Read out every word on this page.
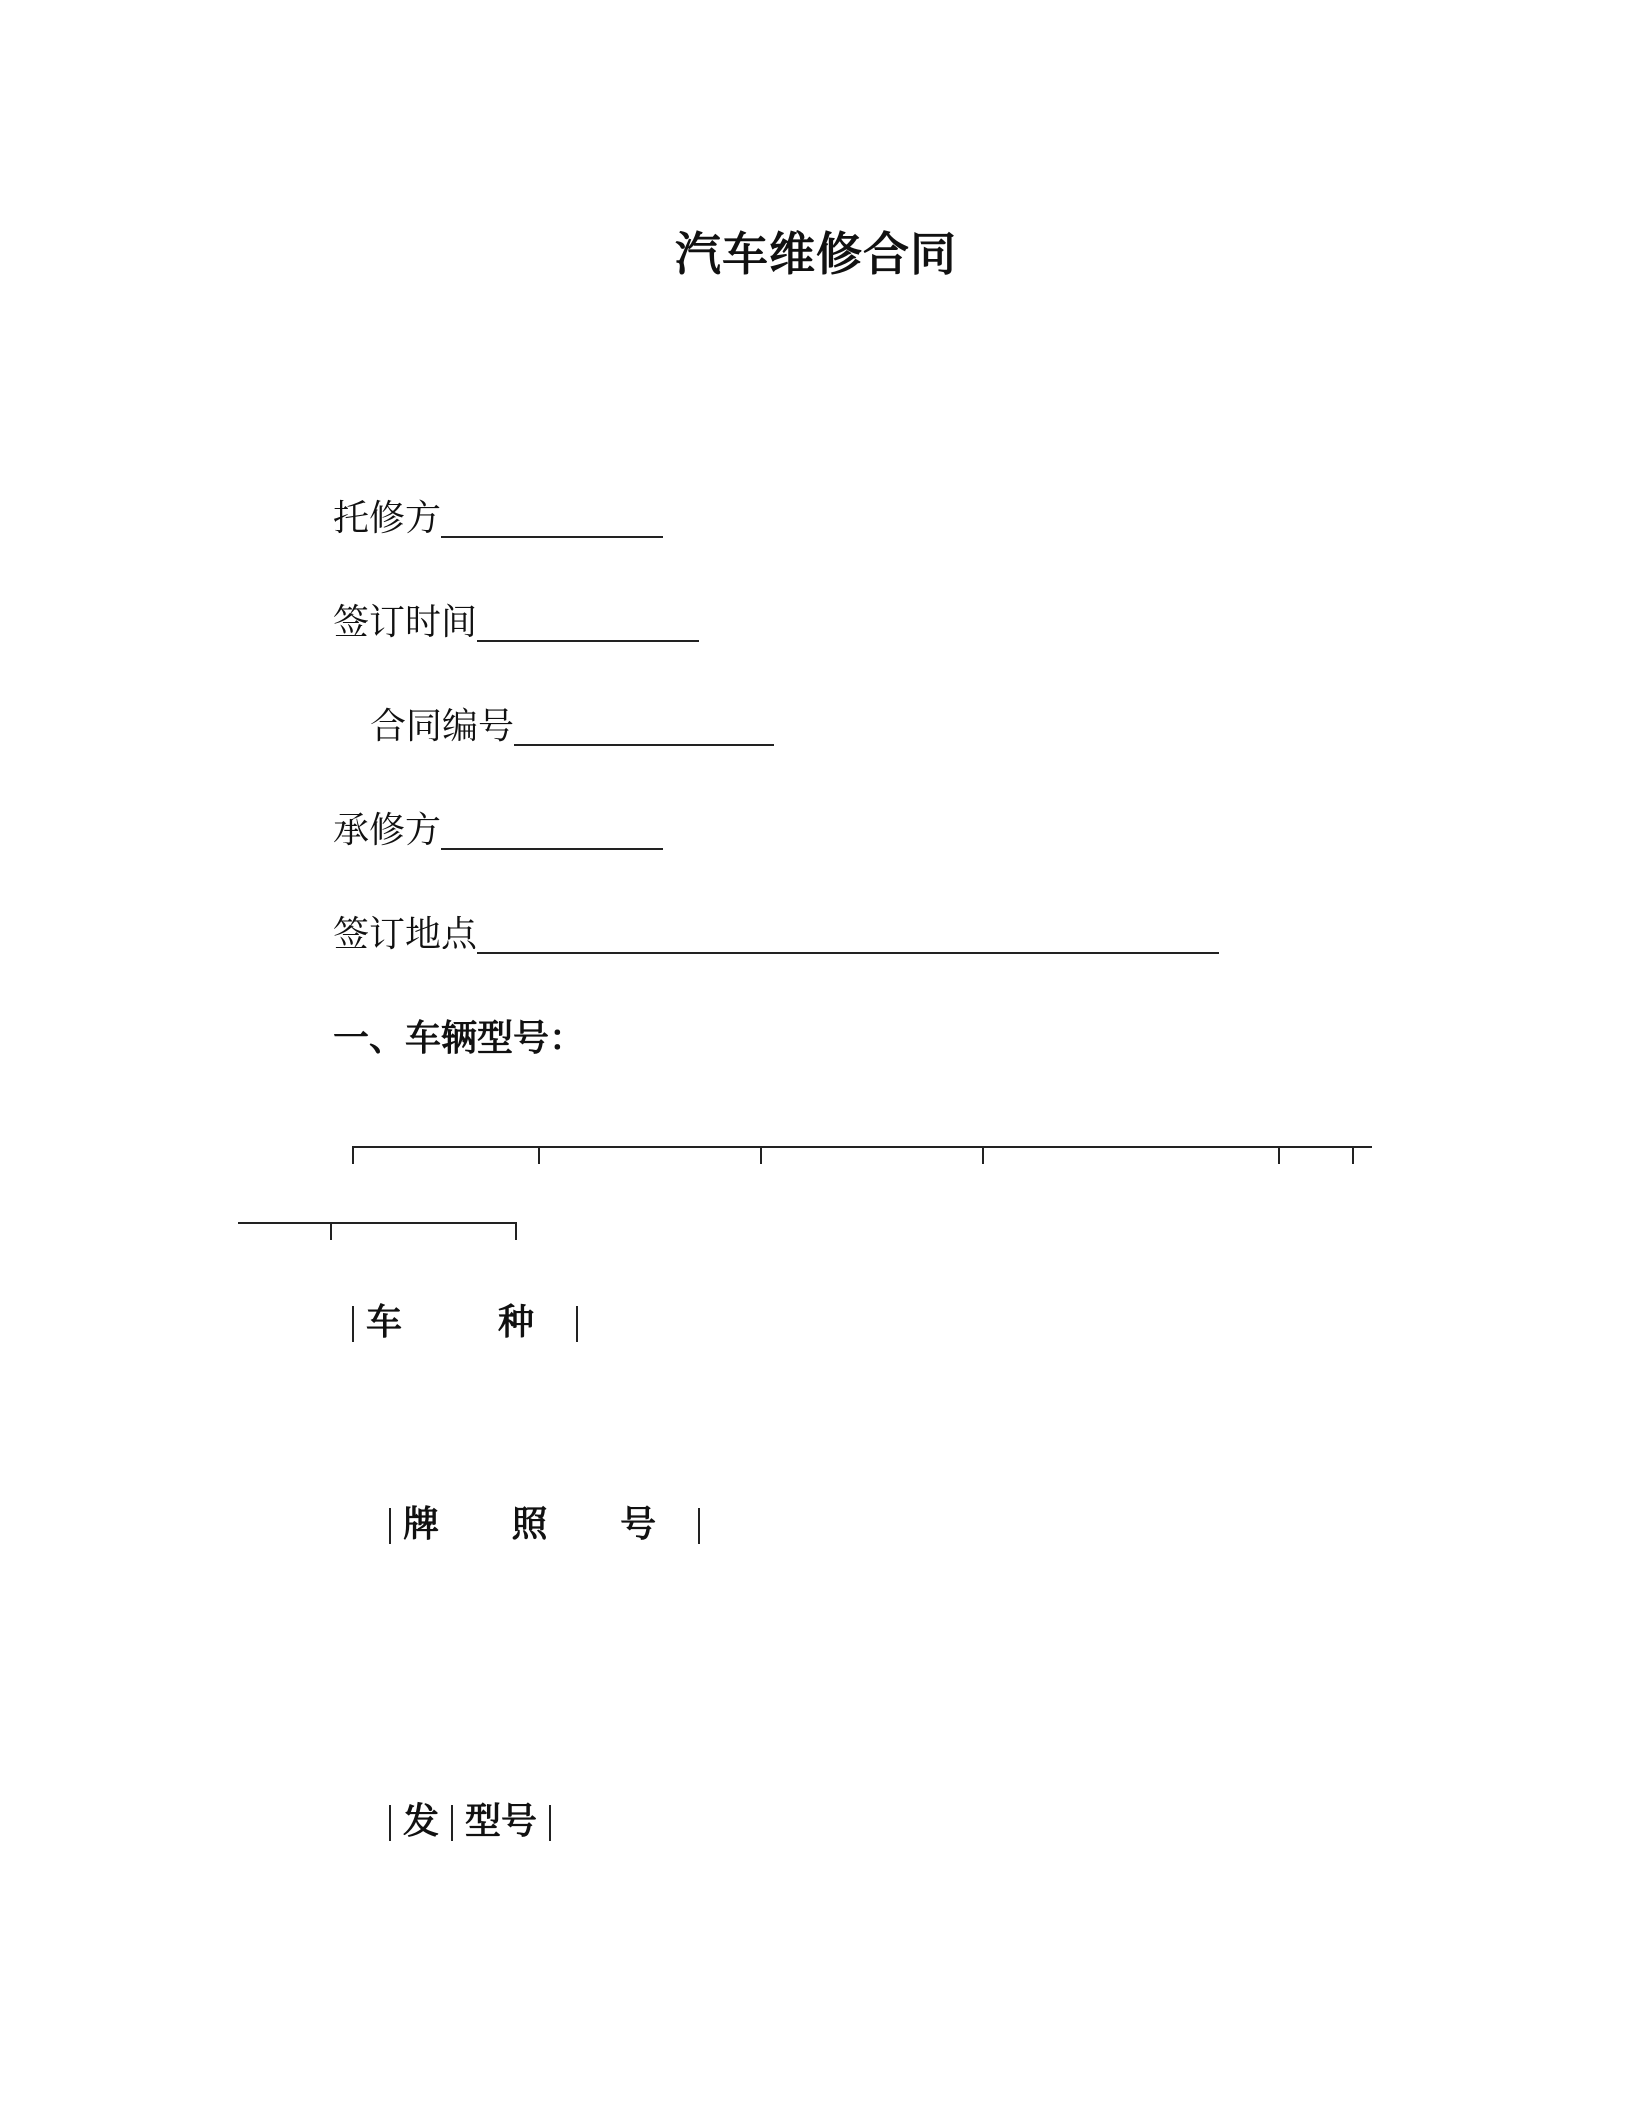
汽车维修合同
托修方
签订时间
合同编号
承修方
签订地点
一、车辆型号：
车　种
牌 照 号
发 型号
